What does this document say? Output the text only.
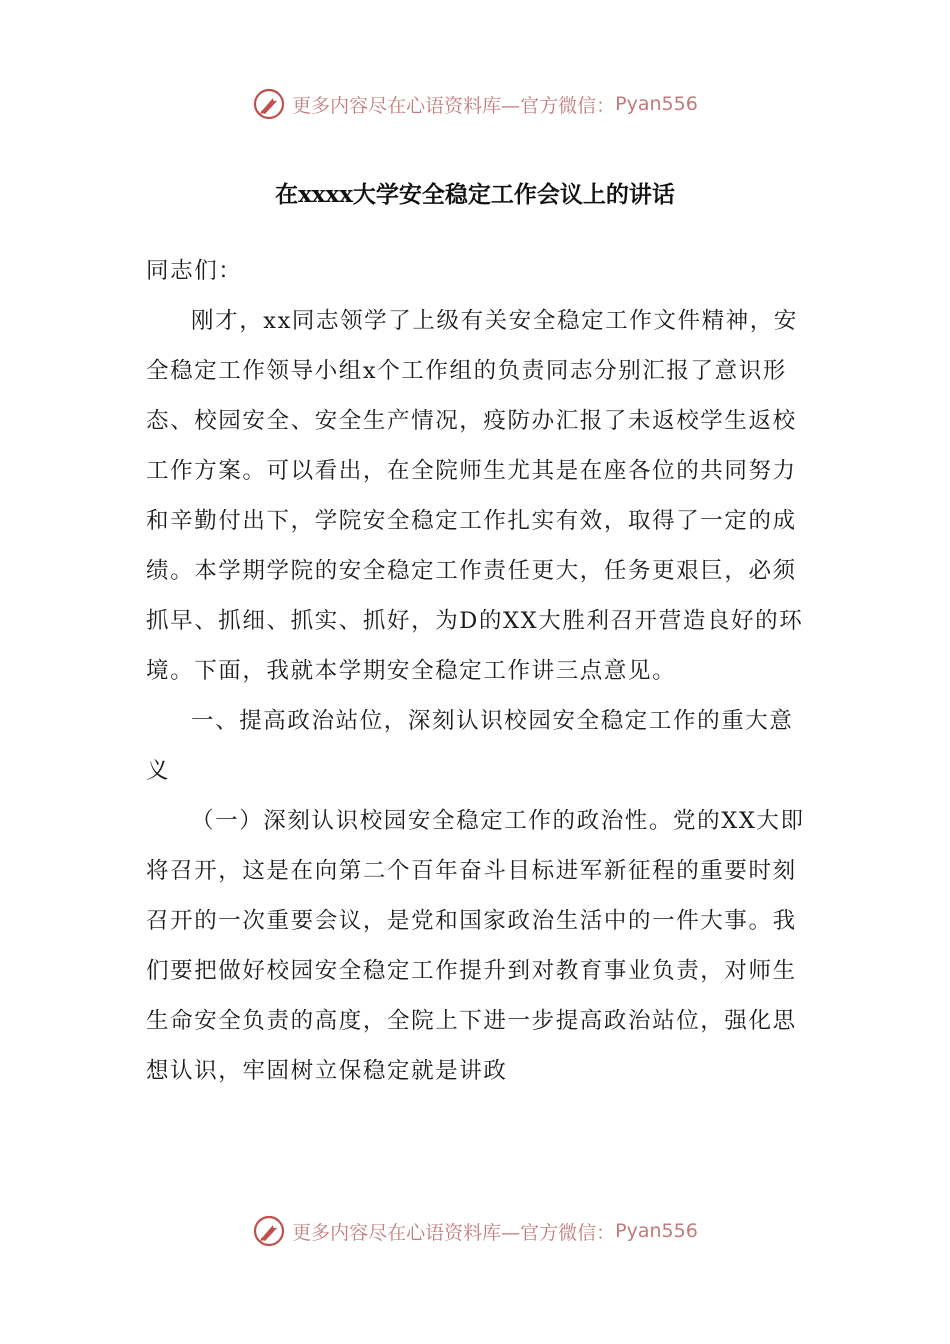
更多内容尽在心语资料库—官方微信： Pyan556
在xxxx大学安全稳定工作会议上的讲话

同志们：

刚才，xx同志领学了上级有关安全稳定工作文件精神，安全稳定工作领导小组x个工作组的负责同志分别汇报了意识形态、校园安全、安全生产情况，疫防办汇报了未返校学生返校工作方案。可以看出，在全院师生尤其是在座各位的共同努力和辛勤付出下，学院安全稳定工作扎实有效，取得了一定的成绩。本学期学院的安全稳定工作责任更大，任务更艰巨，必须抓早、抓细、抓实、抓好，为D的XX大胜利召开营造良好的环境。下面，我就本学期安全稳定工作讲三点意见。

一、提高政治站位，深刻认识校园安全稳定工作的重大意义

（一）深刻认识校园安全稳定工作的政治性。党的XX大即将召开，这是在向第二个百年奋斗目标进军新征程的重要时刻召开的一次重要会议，是党和国家政治生活中的一件大事。我们要把做好校园安全稳定工作提升到对教育事业负责，对师生生命安全负责的高度，全院上下进一步提高政治站位，强化思想认识，牢固树立保稳定就是讲政

更多内容尽在心语资料库—官方微信： Pyan556
